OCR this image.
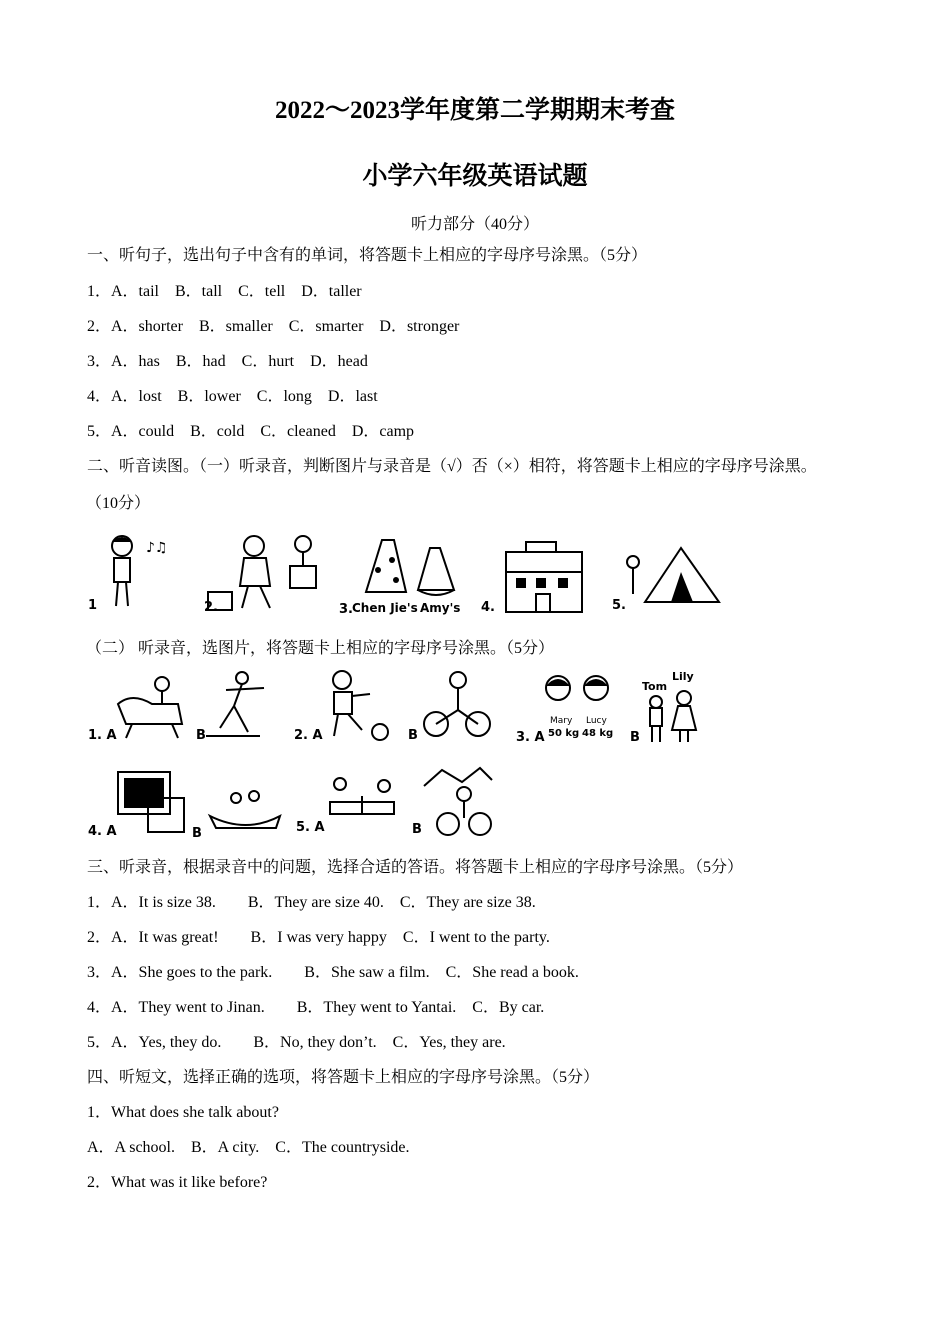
2022～2023学年度第二学期期末考查
小学六年级英语试题
听力部分（40分）
一、听句子，选出句子中含有的单词，将答题卡上相应的字母序号涂黑。（5分）
1．A．tail    B．tall    C．tell    D．taller
2．A．shorter    B．smaller    C．smarter    D．stronger
3．A．has    B．had    C．hurt    D．head
4．A．lost    B．lower    C．long    D．last
5．A．could    B．cold    C．cleaned    D．camp
二、听音读图。（一）听录音，判断图片与录音是（√）否（×）相符，将答题卡上相应的字母序号涂黑。
（10分）
♪♫
1	2.	3. Chen Jie's Amy's 4.	5.
（二） 听录音，选图片，将答题卡上相应的字母序号涂黑。（5分）
Mary Lucy
50 kg 48 kg
Tom
Lily
1. A	B	2. A	B	3. A	B
4. A	B	5. A	B
三、听录音，根据录音中的问题，选择合适的答语。将答题卡上相应的字母序号涂黑。（5分）
1．A．It is size 38.        B．They are size 40.    C．They are size 38.
2．A．It was great!        B．I was very happy    C．I went to the party.
3．A．She goes to the park.        B．She saw a film.    C．She read a book.
4．A．They went to Jinan.        B．They went to Yantai.    C．By car.
5．A．Yes, they do.        B．No, they don’t.    C．Yes, they are.
四、听短文，选择正确的选项，将答题卡上相应的字母序号涂黑。（5分）
1．What does she talk about?
A．A school.    B．A city.    C．The countryside.
2．What was it like before?
